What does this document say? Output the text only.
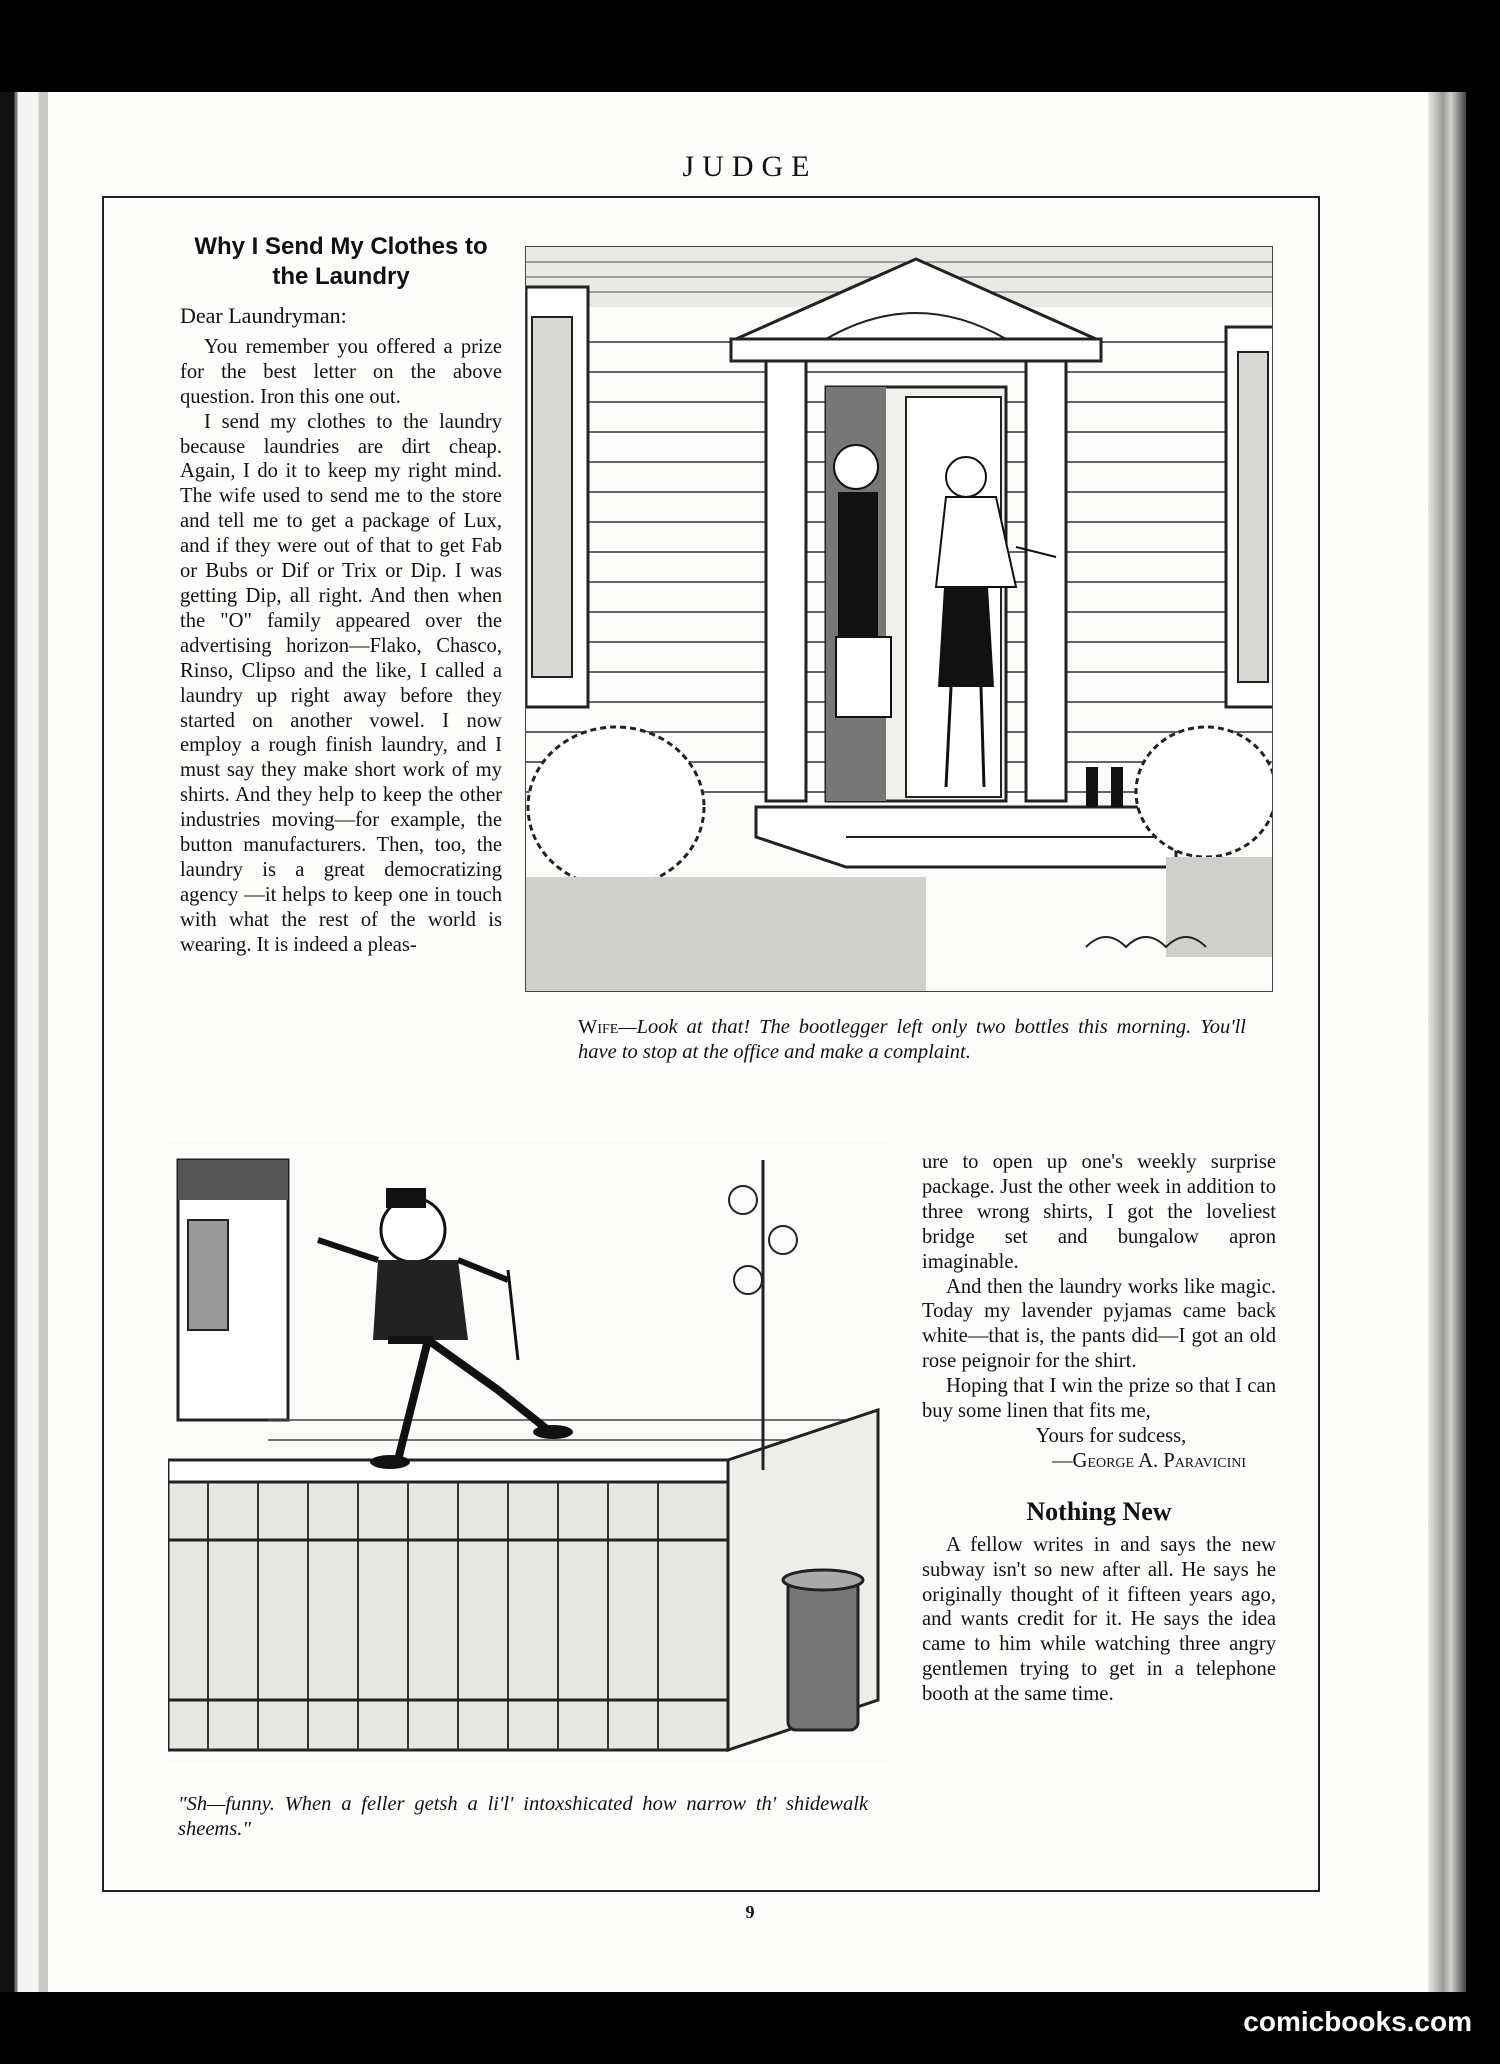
JUDGE
Why I Send My Clothes to the Laundry
Dear Laundryman:

You remember you offered a prize for the best letter on the above question. Iron this one out.

I send my clothes to the laundry because laundries are dirt cheap. Again, I do it to keep my right mind. The wife used to send me to the store and tell me to get a package of Lux, and if they were out of that to get Fab or Bubs or Dif or Trix or Dip. I was getting Dip, all right. And then when the "O" family appeared over the advertising horizon—Flako, Chasco, Rinso, Clipso and the like, I called a laundry up right away before they started on another vowel. I now employ a rough finish laundry, and I must say they make short work of my shirts. And they help to keep the other industries moving—for example, the button manufacturers. Then, too, the laundry is a great democratizing agency —it helps to keep one in touch with what the rest of the world is wearing. It is indeed a pleas-

Wife—Look at that! The bootlegger left only two bottles this morning. You'll have to stop at the office and make a complaint.
"Sh—funny. When a feller getsh a li'l' intoxshicated how narrow th' shidewalk sheems."

ure to open up one's weekly surprise package. Just the other week in addition to three wrong shirts, I got the loveliest bridge set and bungalow apron imaginable.

And then the laundry works like magic. Today my lavender pyjamas came back white—that is, the pants did—I got an old rose peignoir for the shirt.

Hoping that I win the prize so that I can buy some linen that fits me,

Yours for sudcess,

—George A. Paravicini

Nothing New

A fellow writes in and says the new subway isn't so new after all. He says he originally thought of it fifteen years ago, and wants credit for it. He says the idea came to him while watching three angry gentlemen trying to get in a telephone booth at the same time.

9
comicbooks.com
